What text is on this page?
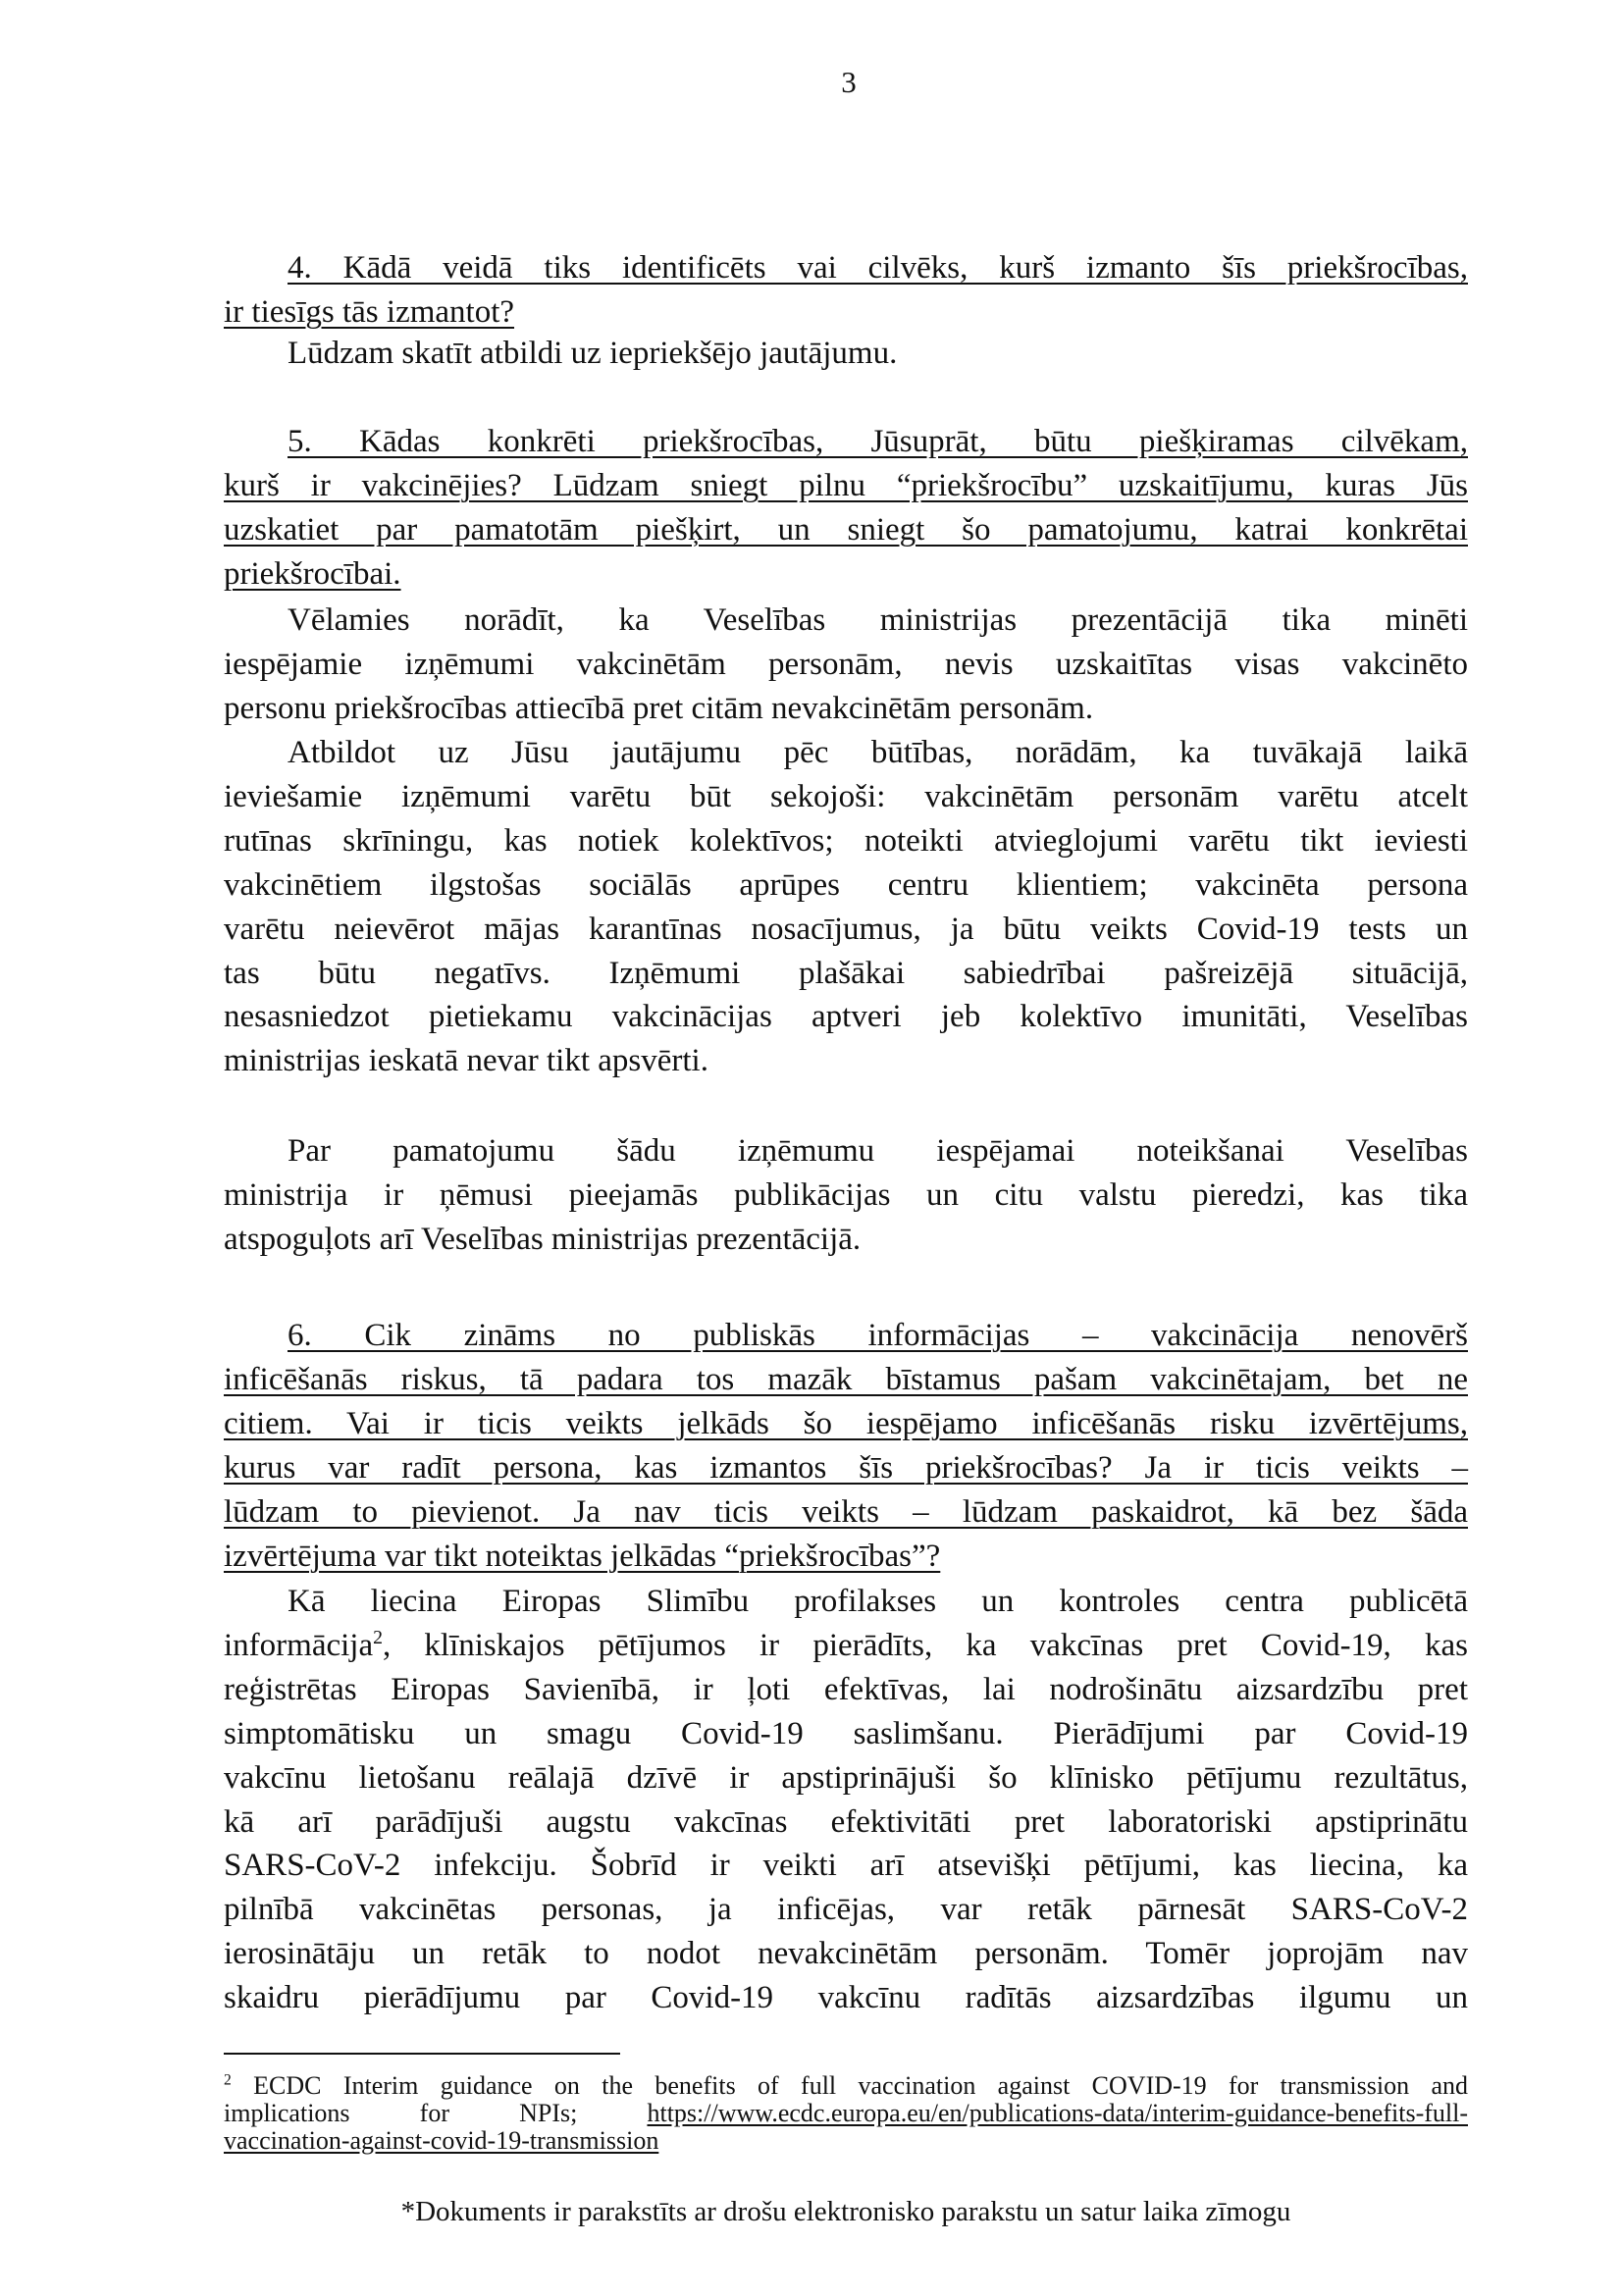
3
4. Kādā veidā tiks identificēts vai cilvēks, kurš izmanto šīs priekšrocības,
ir tiesīgs tās izmantot?
Lūdzam skatīt atbildi uz iepriekšējo jautājumu.
5. Kādas konkrēti priekšrocības, Jūsuprāt, būtu piešķiramas cilvēkam,
kurš ir vakcinējies? Lūdzam sniegt pilnu “priekšrocību” uzskaitījumu, kuras Jūs
uzskatiet par pamatotām piešķirt, un sniegt šo pamatojumu, katrai konkrētai
priekšrocībai.
Vēlamies norādīt, ka Veselības ministrijas prezentācijā tika minēti
iespējamie izņēmumi vakcinētām personām, nevis uzskaitītas visas vakcinēto
personu priekšrocības attiecībā pret citām nevakcinētām personām.
Atbildot uz Jūsu jautājumu pēc būtības, norādām, ka tuvākajā laikā
ieviešamie izņēmumi varētu būt sekojoši: vakcinētām personām varētu atcelt
rutīnas skrīningu, kas notiek kolektīvos; noteikti atvieglojumi varētu tikt ieviesti
vakcinētiem ilgstošas sociālās aprūpes centru klientiem; vakcinēta persona
varētu neievērot mājas karantīnas nosacījumus, ja būtu veikts Covid-19 tests un
tas būtu negatīvs. Izņēmumi plašākai sabiedrībai pašreizējā situācijā,
nesasniedzot pietiekamu vakcinācijas aptveri jeb kolektīvo imunitāti, Veselības
ministrijas ieskatā nevar tikt apsvērti.
Par pamatojumu šādu izņēmumu iespējamai noteikšanai Veselības
ministrija ir ņēmusi pieejamās publikācijas un citu valstu pieredzi, kas tika
atspoguļots arī Veselības ministrijas prezentācijā.
6. Cik zināms no publiskās informācijas – vakcinācija nenovērš
inficēšanās riskus, tā padara tos mazāk bīstamus pašam vakcinētajam, bet ne
citiem. Vai ir ticis veikts jelkāds šo iespējamo inficēšanās risku izvērtējums,
kurus var radīt persona, kas izmantos šīs priekšrocības? Ja ir ticis veikts –
lūdzam to pievienot. Ja nav ticis veikts – lūdzam paskaidrot, kā bez šāda
izvērtējuma var tikt noteiktas jelkādas “priekšrocības”?
Kā liecina Eiropas Slimību profilakses un kontroles centra publicētā
informācija$^2$, klīniskajos pētījumos ir pierādīts, ka vakcīnas pret Covid-19, kas
reģistrētas Eiropas Savienībā, ir ļoti efektīvas, lai nodrošinātu aizsardzību pret
simptomātisku un smagu Covid-19 saslimšanu. Pierādījumi par Covid-19
vakcīnu lietošanu reālajā dzīvē ir apstiprinājuši šo klīnisko pētījumu rezultātus,
kā arī parādījuši augstu vakcīnas efektivitāti pret laboratoriski apstiprinātu
SARS-CoV-2 infekciju. Šobrīd ir veikti arī atsevišķi pētījumi, kas liecina, ka
pilnībā vakcinētas personas, ja inficējas, var retāk pārnesāt SARS-CoV-2
ierosinātāju un retāk to nodot nevakcinētām personām. Tomēr joprojām nav
skaidru pierādījumu par Covid-19 vakcīnu radītās aizsardzības ilgumu un
$^2$ ECDC Interim guidance on the benefits of full vaccination against COVID-19 for transmission and
implications for NPIs;	https://www.ecdc.europa.eu/en/publications-data/interim-guidance-benefits-full-
vaccination-against-covid-19-transmission
*Dokuments ir parakstīts ar drošu elektronisko parakstu un satur laika zīmogu
